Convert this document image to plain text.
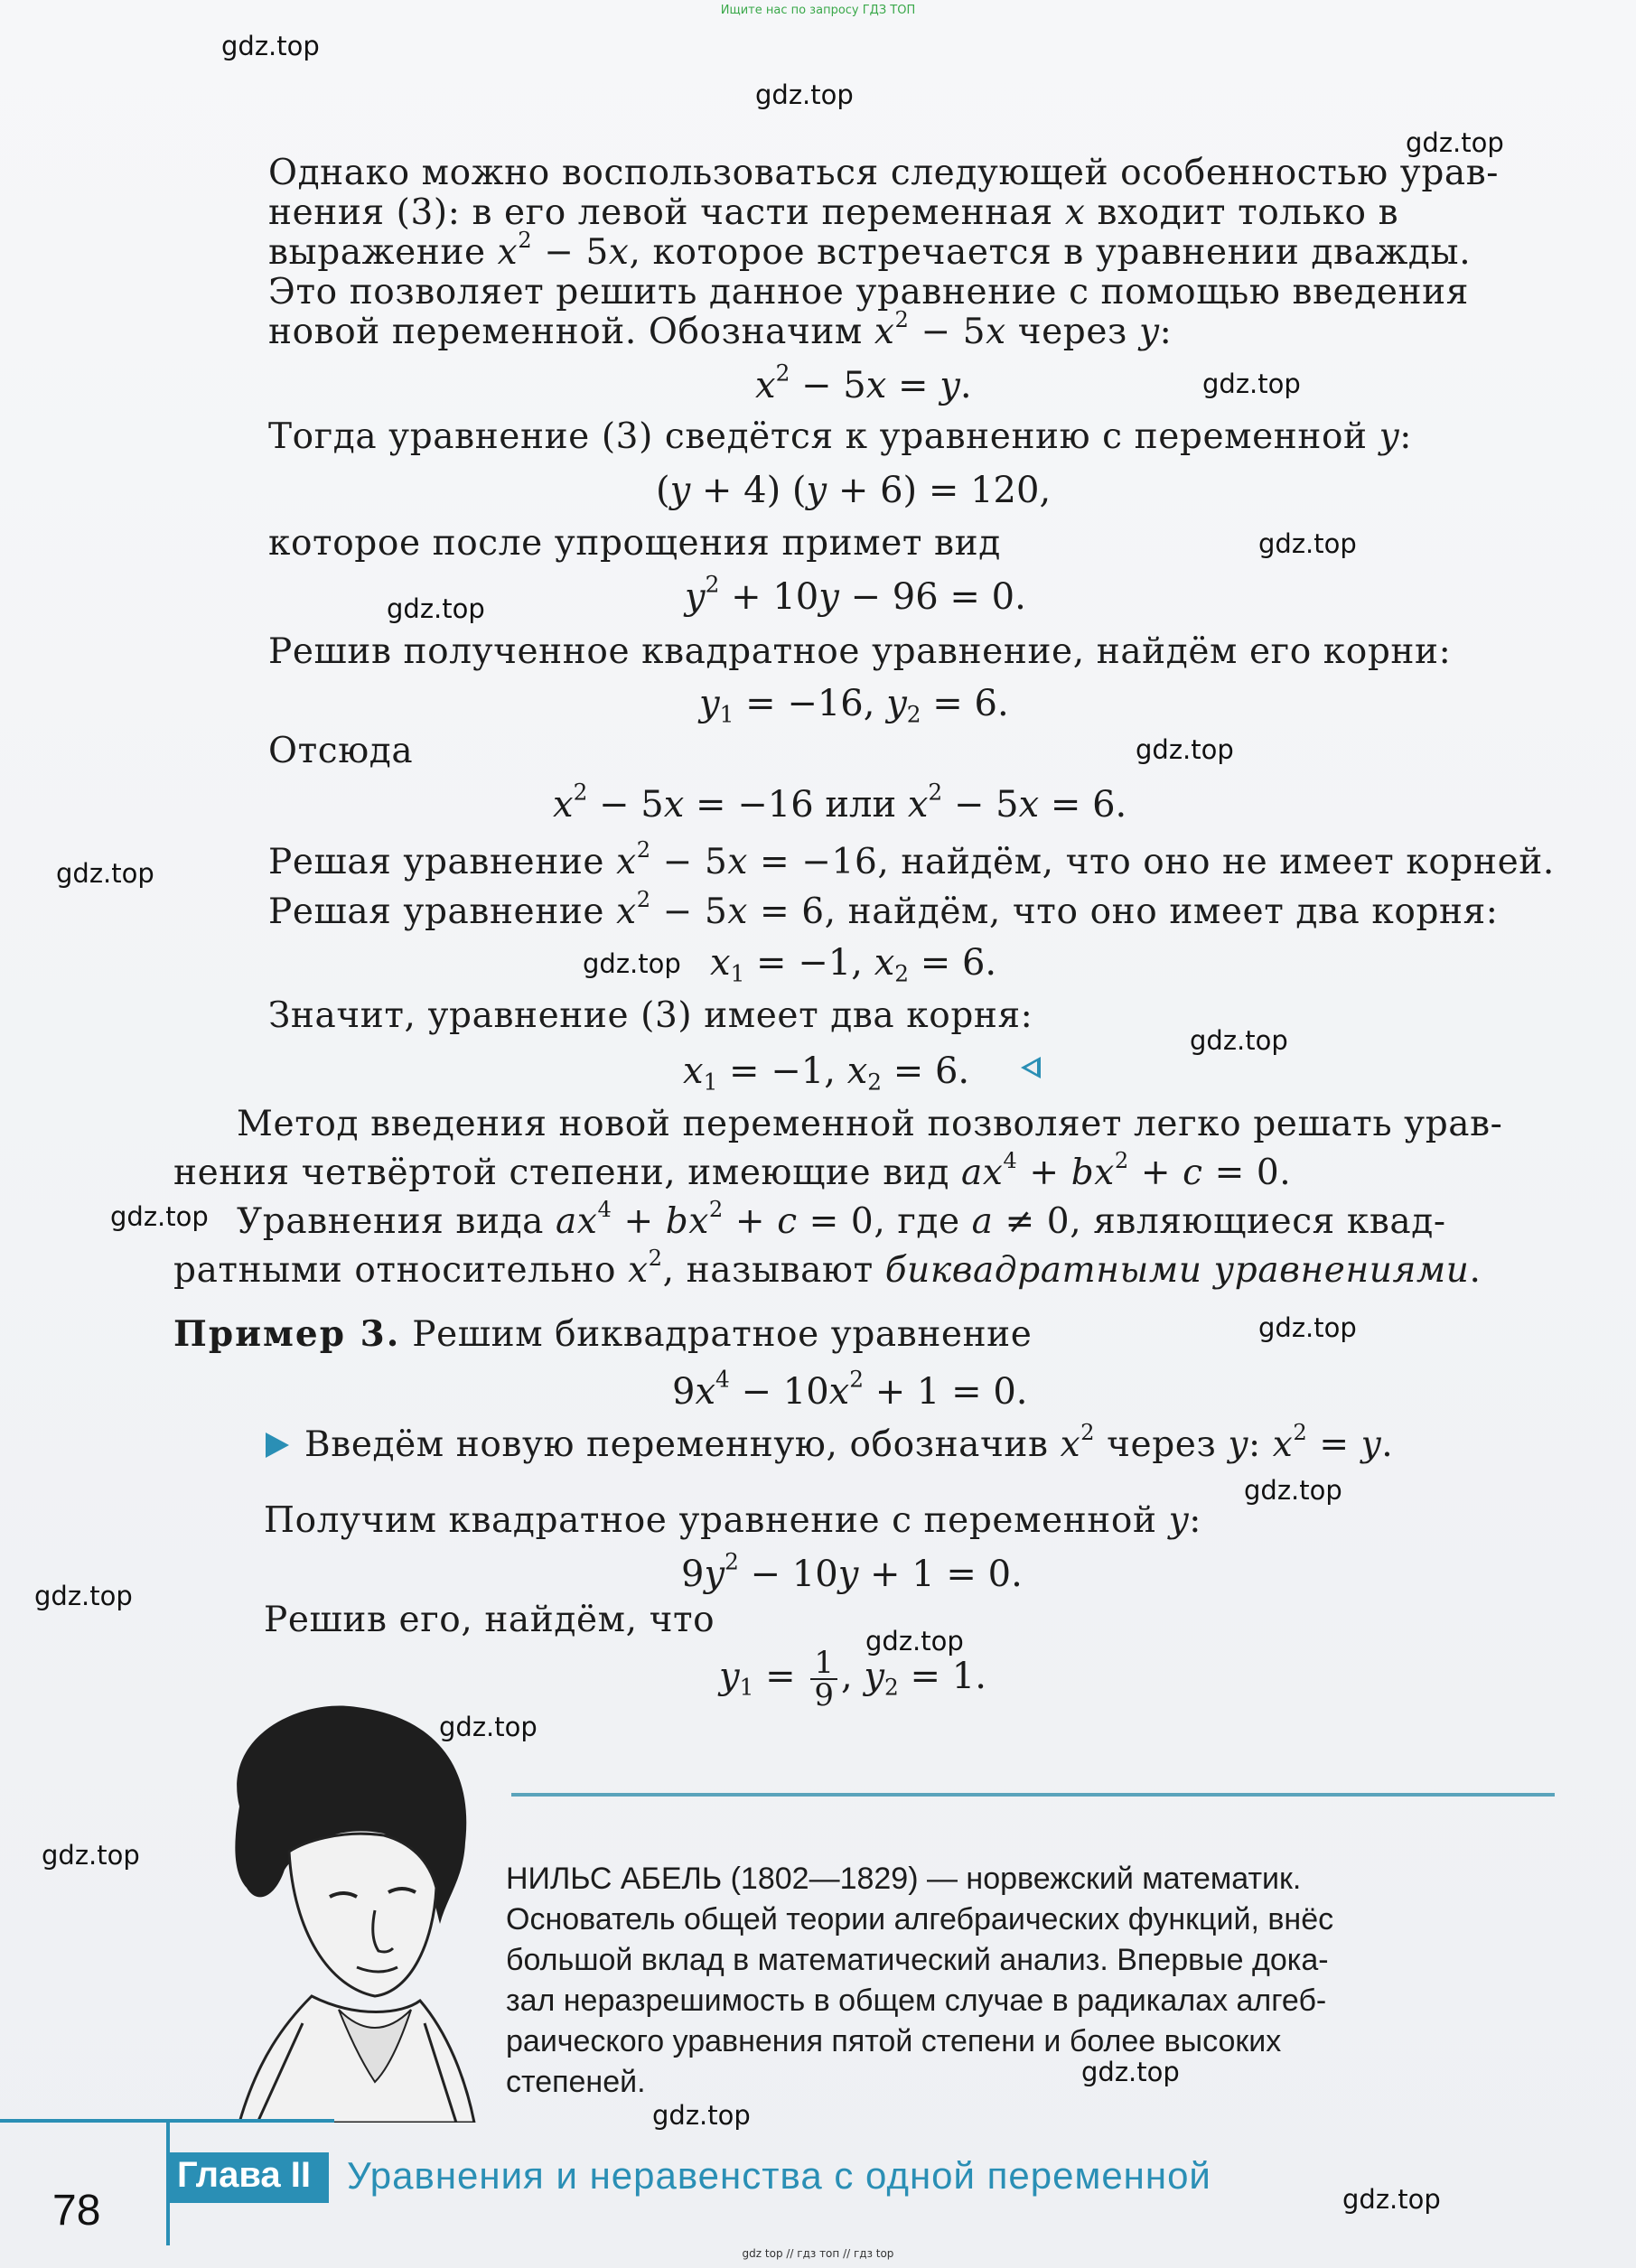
Ищите нас по запросу ГДЗ ТОП
gdz.top
gdz.top
gdz.top
gdz.top
gdz.top
gdz.top
gdz.top
gdz.top
gdz.top
gdz.top
gdz.top
gdz.top
gdz.top
gdz.top
gdz.top
gdz.top
gdz.top
gdz.top
gdz.top
gdz.top
Однако можно воспользоваться следующей особенностью урав-
нения (3): в его левой части переменная x входит только в
выражение $x^2 - 5x$, которое встречается в уравнении дважды.
Это позволяет решить данное уравнение с помощью введения
новой переменной. Обозначим $x^2 - 5x$ через y:
$x^2 - 5x = y$.
Тогда уравнение (3) сведётся к уравнению с переменной y:
(y + 4) (y + 6) = 120,
которое после упрощения примет вид
$y^2 + 10y - 96 = 0$.
Решив полученное квадратное уравнение, найдём его корни:
$y_1 = -16$, $y_2 = 6$.
Отсюда
$x^2 - 5x = -16$ или $x^2 - 5x = 6$.
Решая уравнение $x^2 - 5x = -16$, найдём, что оно не имеет корней.
Решая уравнение $x^2 - 5x = 6$, найдём, что оно имеет два корня:
$x_1 = -1$, $x_2 = 6$.
Значит, уравнение (3) имеет два корня:
$x_1 = -1$, $x_2 = 6$.
Метод введения новой переменной позволяет легко решать урав-
нения четвёртой степени, имеющие вид $ax^4 + bx^2 + c = 0$.
Уравнения вида $ax^4 + bx^2 + c = 0$, где a ≠ 0, являющиеся квад-
ратными относительно $x^2$, называют биквадратными уравнениями.
Пример 3. Решим биквадратное уравнение
$9x^4 - 10x^2 + 1 = 0$.
Введём новую переменную, обозначив $x^2$ через y: $x^2 = y$.
Получим квадратное уравнение с переменной y:
$9y^2 - 10y + 1 = 0$.
Решив его, найдём, что
$y_1 = \frac{1}{9}$ , $y_2 = 1$.
НИЛЬС АБЕЛЬ (1802—1829) — норвежский математик.
Основатель общей теории алгебраических функций, внёс
большой вклад в математический анализ. Впервые дока-
зал неразрешимость в общем случае в радикалах алгеб-
раического уравнения пятой степени и более высоких
степеней.
78
Глава II Уравнения и неравенства с одной переменной
gdz top // гдз топ // гдз top
